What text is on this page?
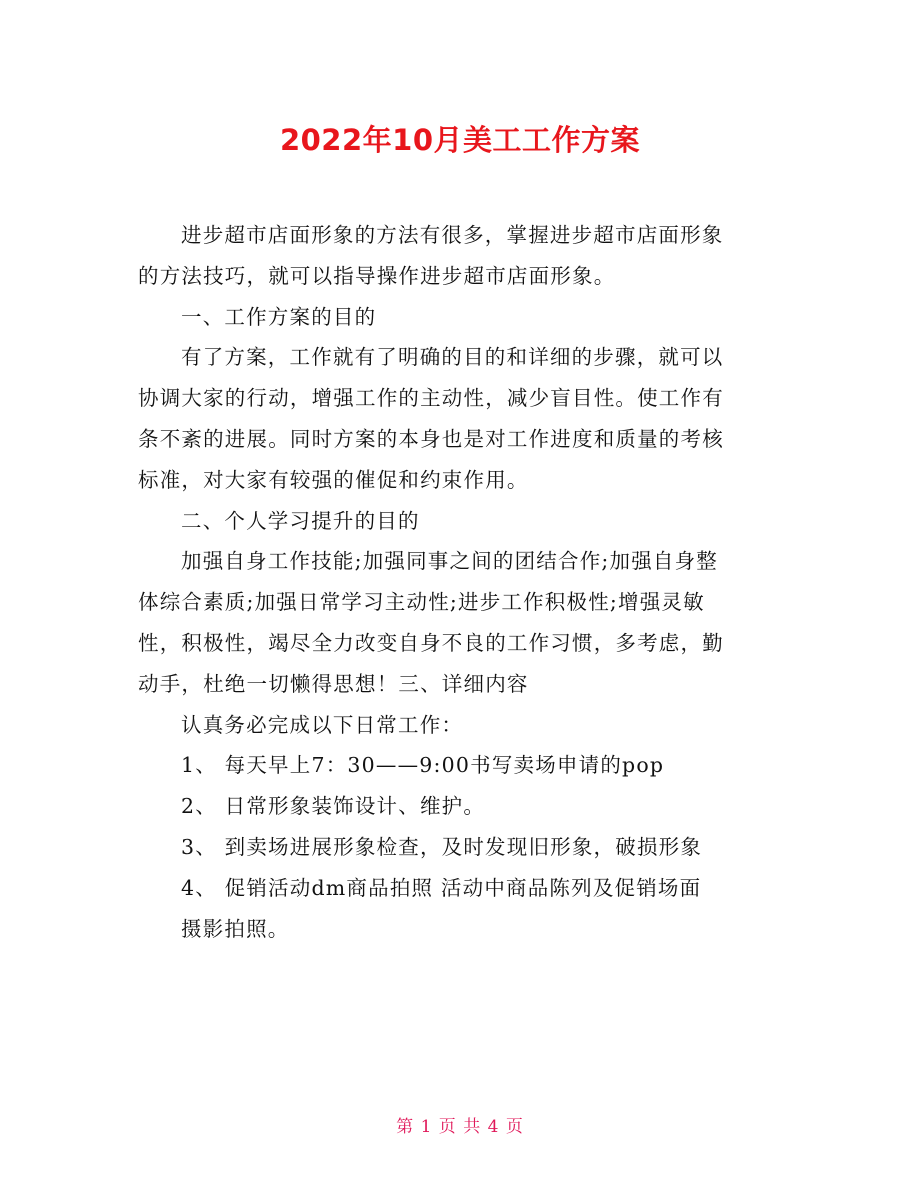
2022年10月美工工作方案
进步超市店面形象的方法有很多，掌握进步超市店面形象
的方法技巧，就可以指导操作进步超市店面形象。
一、工作方案的目的
有了方案，工作就有了明确的目的和详细的步骤，就可以
协调大家的行动，增强工作的主动性，减少盲目性。使工作有
条不紊的进展。同时方案的本身也是对工作进度和质量的考核
标准，对大家有较强的催促和约束作用。
二、个人学习提升的目的
加强自身工作技能;加强同事之间的团结合作;加强自身整
体综合素质;加强日常学习主动性;进步工作积极性;增强灵敏
性，积极性，竭尽全力改变自身不良的工作习惯，多考虑，勤
动手，杜绝一切懒得思想！三、详细内容
认真务必完成以下日常工作：
1、 每天早上7：30——9:00书写卖场申请的pop
2、 日常形象装饰设计、维护。
3、 到卖场进展形象检查，及时发现旧形象，破损形象
4、 促销活动dm商品拍照 活动中商品陈列及促销场面
摄影拍照。
第 1 页 共 4 页
